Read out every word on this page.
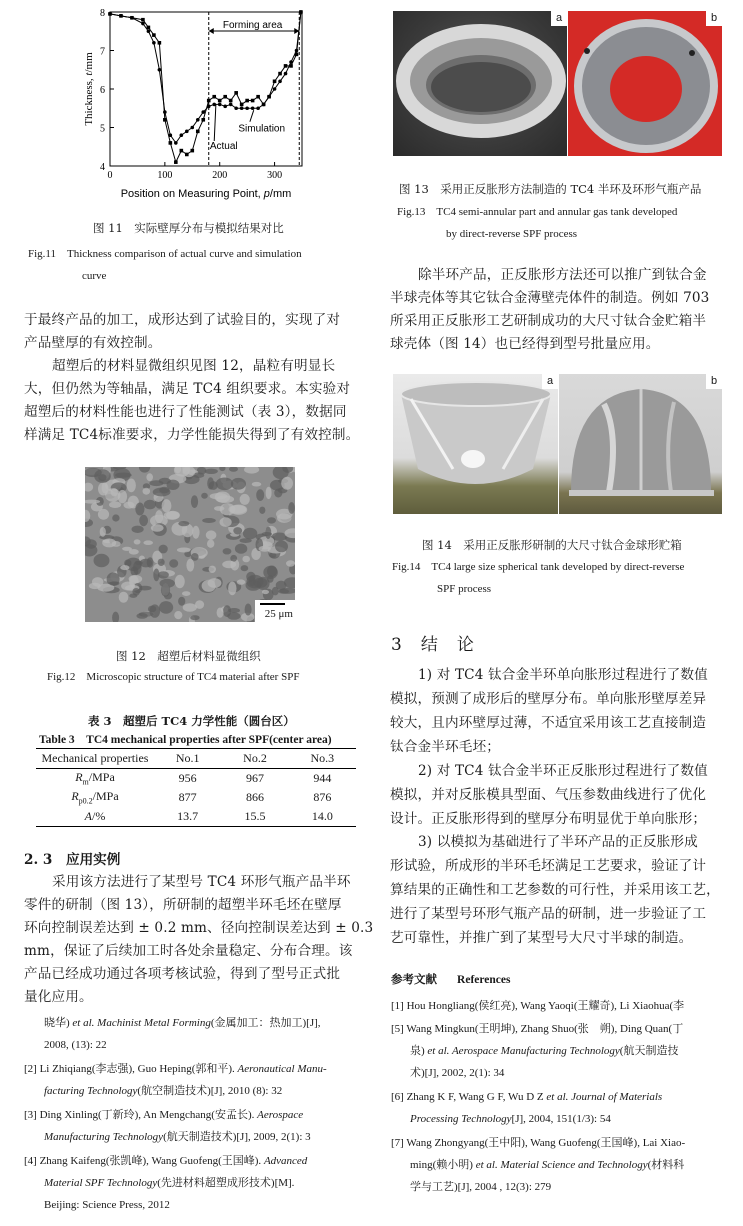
4
5
6
7
8
0	100	200	300
Position on Measuring Point, p/mm
Thickness, t/mm
Forming area
Simulation
Actual
图 11　实际壁厚分布与模拟结果对比
Fig.11　Thickness comparison of actual curve and simulation
curve
于最终产品的加工，成形达到了试验目的，实现了对
产品壁厚的有效控制。
超塑后的材料显微组织见图 12，晶粒有明显长
大，但仍然为等轴晶，满足 TC4 组织要求。本实验对
超塑后的材料性能也进行了性能测试（表 3），数据同
样满足 TC4标准要求，力学性能损失得到了有效控制。
25 μm
图 12　超塑后材料显微组织
Fig.12　Microscopic structure of TC4 material after SPF
表 3　超塑后 TC4 力学性能（圆台区）
Table 3　TC4 mechanical properties after SPF(center area)
Mechanical properties	No.1	No.2	No.3
$R_m$/MPa	956	967	944
$R_{p0.2}$/MPa	877	866	876
A/%	13.7	15.5	14.0
2. 3　应用实例
采用该方法进行了某型号 TC4 环形气瓶产品半环
零件的研制（图 13），所研制的超塑半环毛坯在壁厚
环向控制误差达到 ± 0.2 mm、径向控制误差达到 ± 0.3
mm，保证了后续加工时各处余量稳定、分布合理。该
产品已经成功通过各项考核试验，得到了型号正式批
量化应用。
晓华) et al. Machinist Metal Forming(金属加工：热加工)[J],
2008, (13): 22
[2] Li Zhiqiang(李志强), Guo Heping(郭和平). Aeronautical Manu-
facturing Technology(航空制造技术)[J], 2010 (8): 32
[3] Ding Xinling(丁新玲), An Mengchang(安孟长). Aerospace
Manufacturing Technology(航天制造技术)[J], 2009, 2(1): 3
[4] Zhang Kaifeng(张凯峰), Wang Guofeng(王国峰). Advanced
Material SPF Technology(先进材料超塑成形技术)[M].
Beijing: Science Press, 2012
a	b
图 13　采用正反胀形方法制造的 TC4 半环及环形气瓶产品
Fig.13　TC4 semi-annular part and annular gas tank developed
by direct-reverse SPF process
除半环产品，正反胀形方法还可以推广到钛合金
半球壳体等其它钛合金薄壁壳体件的制造。例如 703
所采用正反胀形工艺研制成功的大尺寸钛合金贮箱半
球壳体（图 14）也已经得到型号批量应用。
a	b
图 14　采用正反胀形研制的大尺寸钛合金球形贮箱
Fig.14　TC4 large size spherical tank developed by direct-reverse
SPF process
3　结　论
1) 对 TC4 钛合金半环单向胀形过程进行了数值
模拟，预测了成形后的壁厚分布。单向胀形壁厚差异
较大，且内环壁厚过薄，不适宜采用该工艺直接制造
钛合金半环毛坯；
2) 对 TC4 钛合金半环正反胀形过程进行了数值
模拟，并对反胀模具型面、气压参数曲线进行了优化
设计。正反胀形得到的壁厚分布明显优于单向胀形；
3) 以模拟为基础进行了半环产品的正反胀形成
形试验，所成形的半环毛坯满足工艺要求，验证了计
算结果的正确性和工艺参数的可行性，并采用该工艺，
进行了某型号环形气瓶产品的研制，进一步验证了工
艺可靠性，并推广到了某型号大尺寸半球的制造。
参考文献 References
[1] Hou Hongliang(侯红亮), Wang Yaoqi(王耀奇), Li Xiaohua(李
[5] Wang Mingkun(王明坤), Zhang Shuo(张　朔), Ding Quan(丁
泉) et al. Aerospace Manufacturing Technology(航天制造技
术)[J], 2002, 2(1): 34
[6] Zhang K F, Wang G F, Wu D Z et al. Journal of Materials
Processing Technology[J], 2004, 151(1/3): 54
[7] Wang Zhongyang(王中阳), Wang Guofeng(王国峰), Lai Xiao-
ming(赖小明) et al. Material Science and Technology(材料科
学与工艺)[J], 2004 , 12(3): 279
